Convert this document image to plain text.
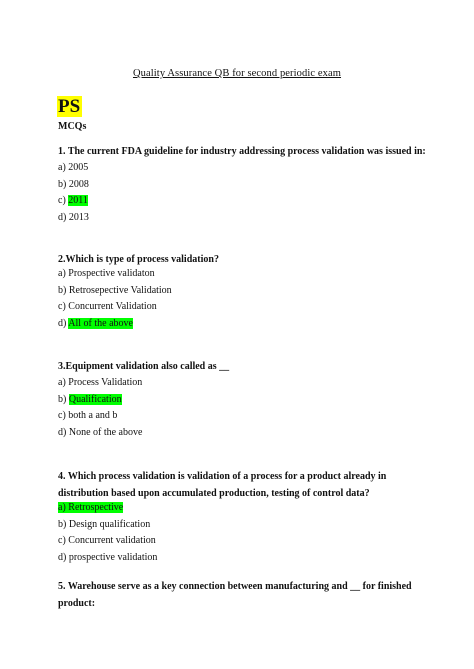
Quality Assurance QB for second periodic exam
PS
MCQs
1. The current FDA guideline for industry addressing process validation was issued in:
a) 2005
b) 2008
c) 2011
d) 2013
2.Which is type of process validation?
a) Prospective validaton
b) Retrosepective Validation
c) Concurrent Validation
d) All of the above
3.Equipment validation also called as __
a) Process Validation
b) Qualification
c) both a and b
d) None of the above
4. Which process validation is validation of a process for a product already in distribution based upon accumulated production, testing of control data?
a) Retrospective
b) Design qualification
c) Concurrent validation
d) prospective validation
5. Warehouse serve as a key connection between manufacturing and __ for finished product:
